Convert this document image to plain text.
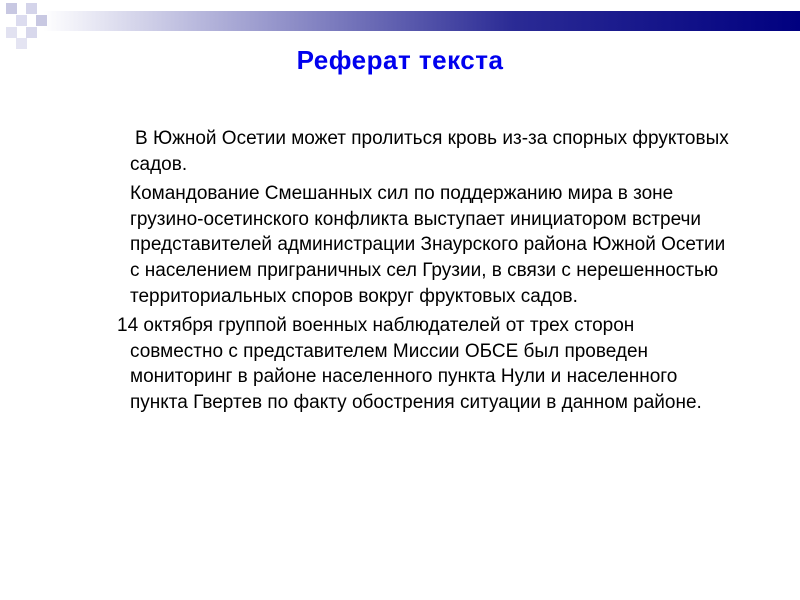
Реферат текста

В Южной Осетии может пролиться кровь из-за спорных фруктовых садов.

Командование Смешанных сил по поддержанию мира в зоне грузино-осетинского конфликта выступает инициатором встречи представителей администрации Знаурского района Южной Осетии с населением приграничных сел Грузии, в связи с нерешенностью территориальных споров вокруг фруктовых садов.

14 октября группой военных наблюдателей от трех сторон совместно с представителем Миссии ОБСЕ был проведен мониторинг в районе населенного пункта Нули и населенного пункта Гвертев по факту обострения ситуации в данном районе.
